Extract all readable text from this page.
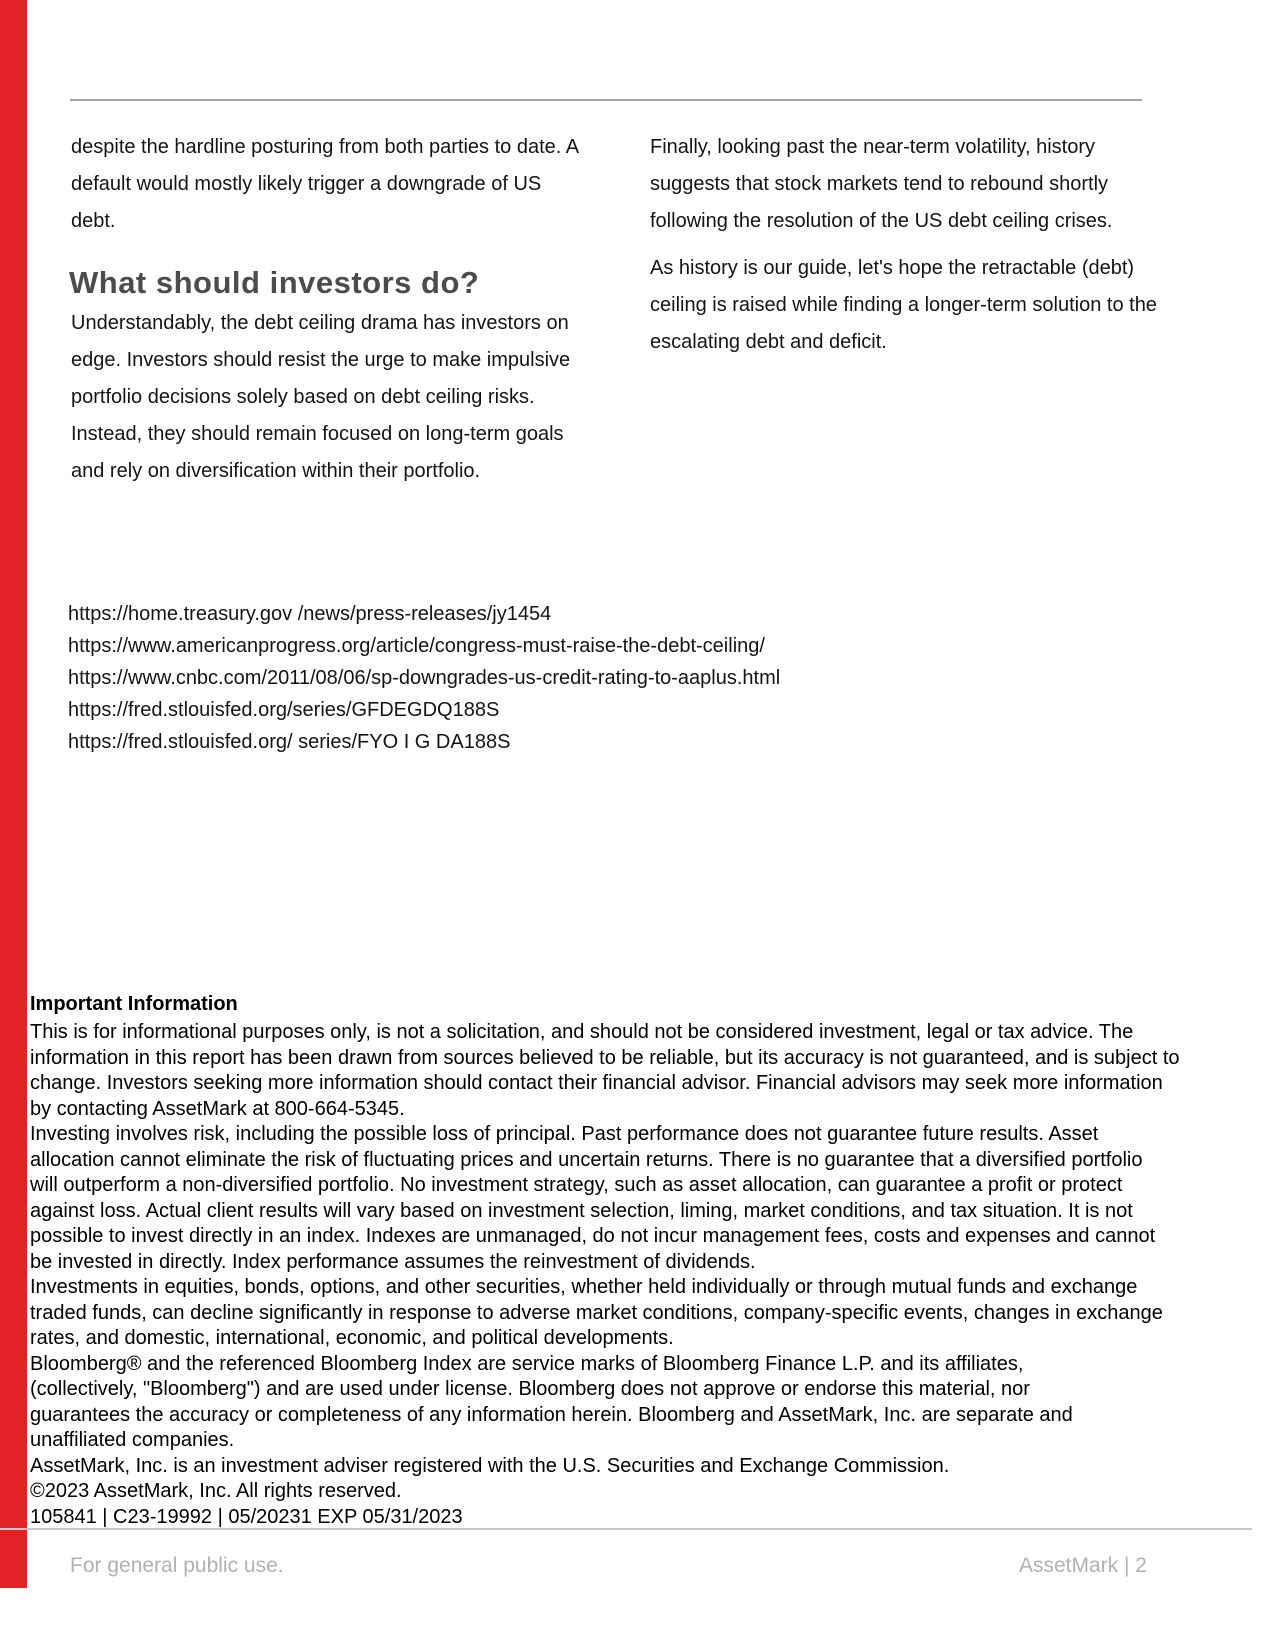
despite the hardline posturing from both parties to date. A
default would mostly likely trigger a downgrade of US
debt.
What should investors do?
Understandably, the debt ceiling drama has investors on
edge. Investors should resist the urge to make impulsive
portfolio decisions solely based on debt ceiling risks.
Instead, they should remain focused on long-term goals
and rely on diversification within their portfolio.
Finally, looking past the near-term volatility, history
suggests that stock markets tend to rebound shortly
following the resolution of the US debt ceiling crises.
As history is our guide, let's hope the retractable (debt)
ceiling is raised while finding a longer-term solution to the
escalating debt and deficit.
https://home.treasury.gov /news/press-releases/jy1454
https://www.americanprogress.org/article/congress-must-raise-the-debt-ceiling/
https://www.cnbc.com/2011/08/06/sp-downgrades-us-credit-rating-to-aaplus.html
https://fred.stlouisfed.org/series/GFDEGDQ188S
https://fred.stlouisfed.org/ series/FYO I G DA188S
Important Information
This is for informational purposes only, is not a solicitation, and should not be considered investment, legal or tax advice. The
information in this report has been drawn from sources believed to be reliable, but its accuracy is not guaranteed, and is subject to
change. Investors seeking more information should contact their financial advisor. Financial advisors may seek more information
by contacting AssetMark at 800-664-5345.
Investing involves risk, including the possible loss of principal. Past performance does not guarantee future results. Asset
allocation cannot eliminate the risk of fluctuating prices and uncertain returns. There is no guarantee that a diversified portfolio
will outperform a non-diversified portfolio. No investment strategy, such as asset allocation, can guarantee a profit or protect
against loss. Actual client results will vary based on investment selection, liming, market conditions, and tax situation. It is not
possible to invest directly in an index. Indexes are unmanaged, do not incur management fees, costs and expenses and cannot
be invested in directly. Index performance assumes the reinvestment of dividends.
Investments in equities, bonds, options, and other securities, whether held individually or through mutual funds and exchange
traded funds, can decline significantly in response to adverse market conditions, company-specific events, changes in exchange
rates, and domestic, international, economic, and political developments.
Bloomberg® and the referenced Bloomberg Index are service marks of Bloomberg Finance L.P. and its affiliates,
(collectively, "Bloomberg") and are used under license. Bloomberg does not approve or endorse this material, nor
guarantees the accuracy or completeness of any information herein. Bloomberg and AssetMark, Inc. are separate and
unaffiliated companies.
AssetMark, Inc. is an investment adviser registered with the U.S. Securities and Exchange Commission.
©2023 AssetMark, Inc. All rights reserved.
105841 | C23-19992 | 05/20231 EXP 05/31/2023
For general public use.	AssetMark | 2
